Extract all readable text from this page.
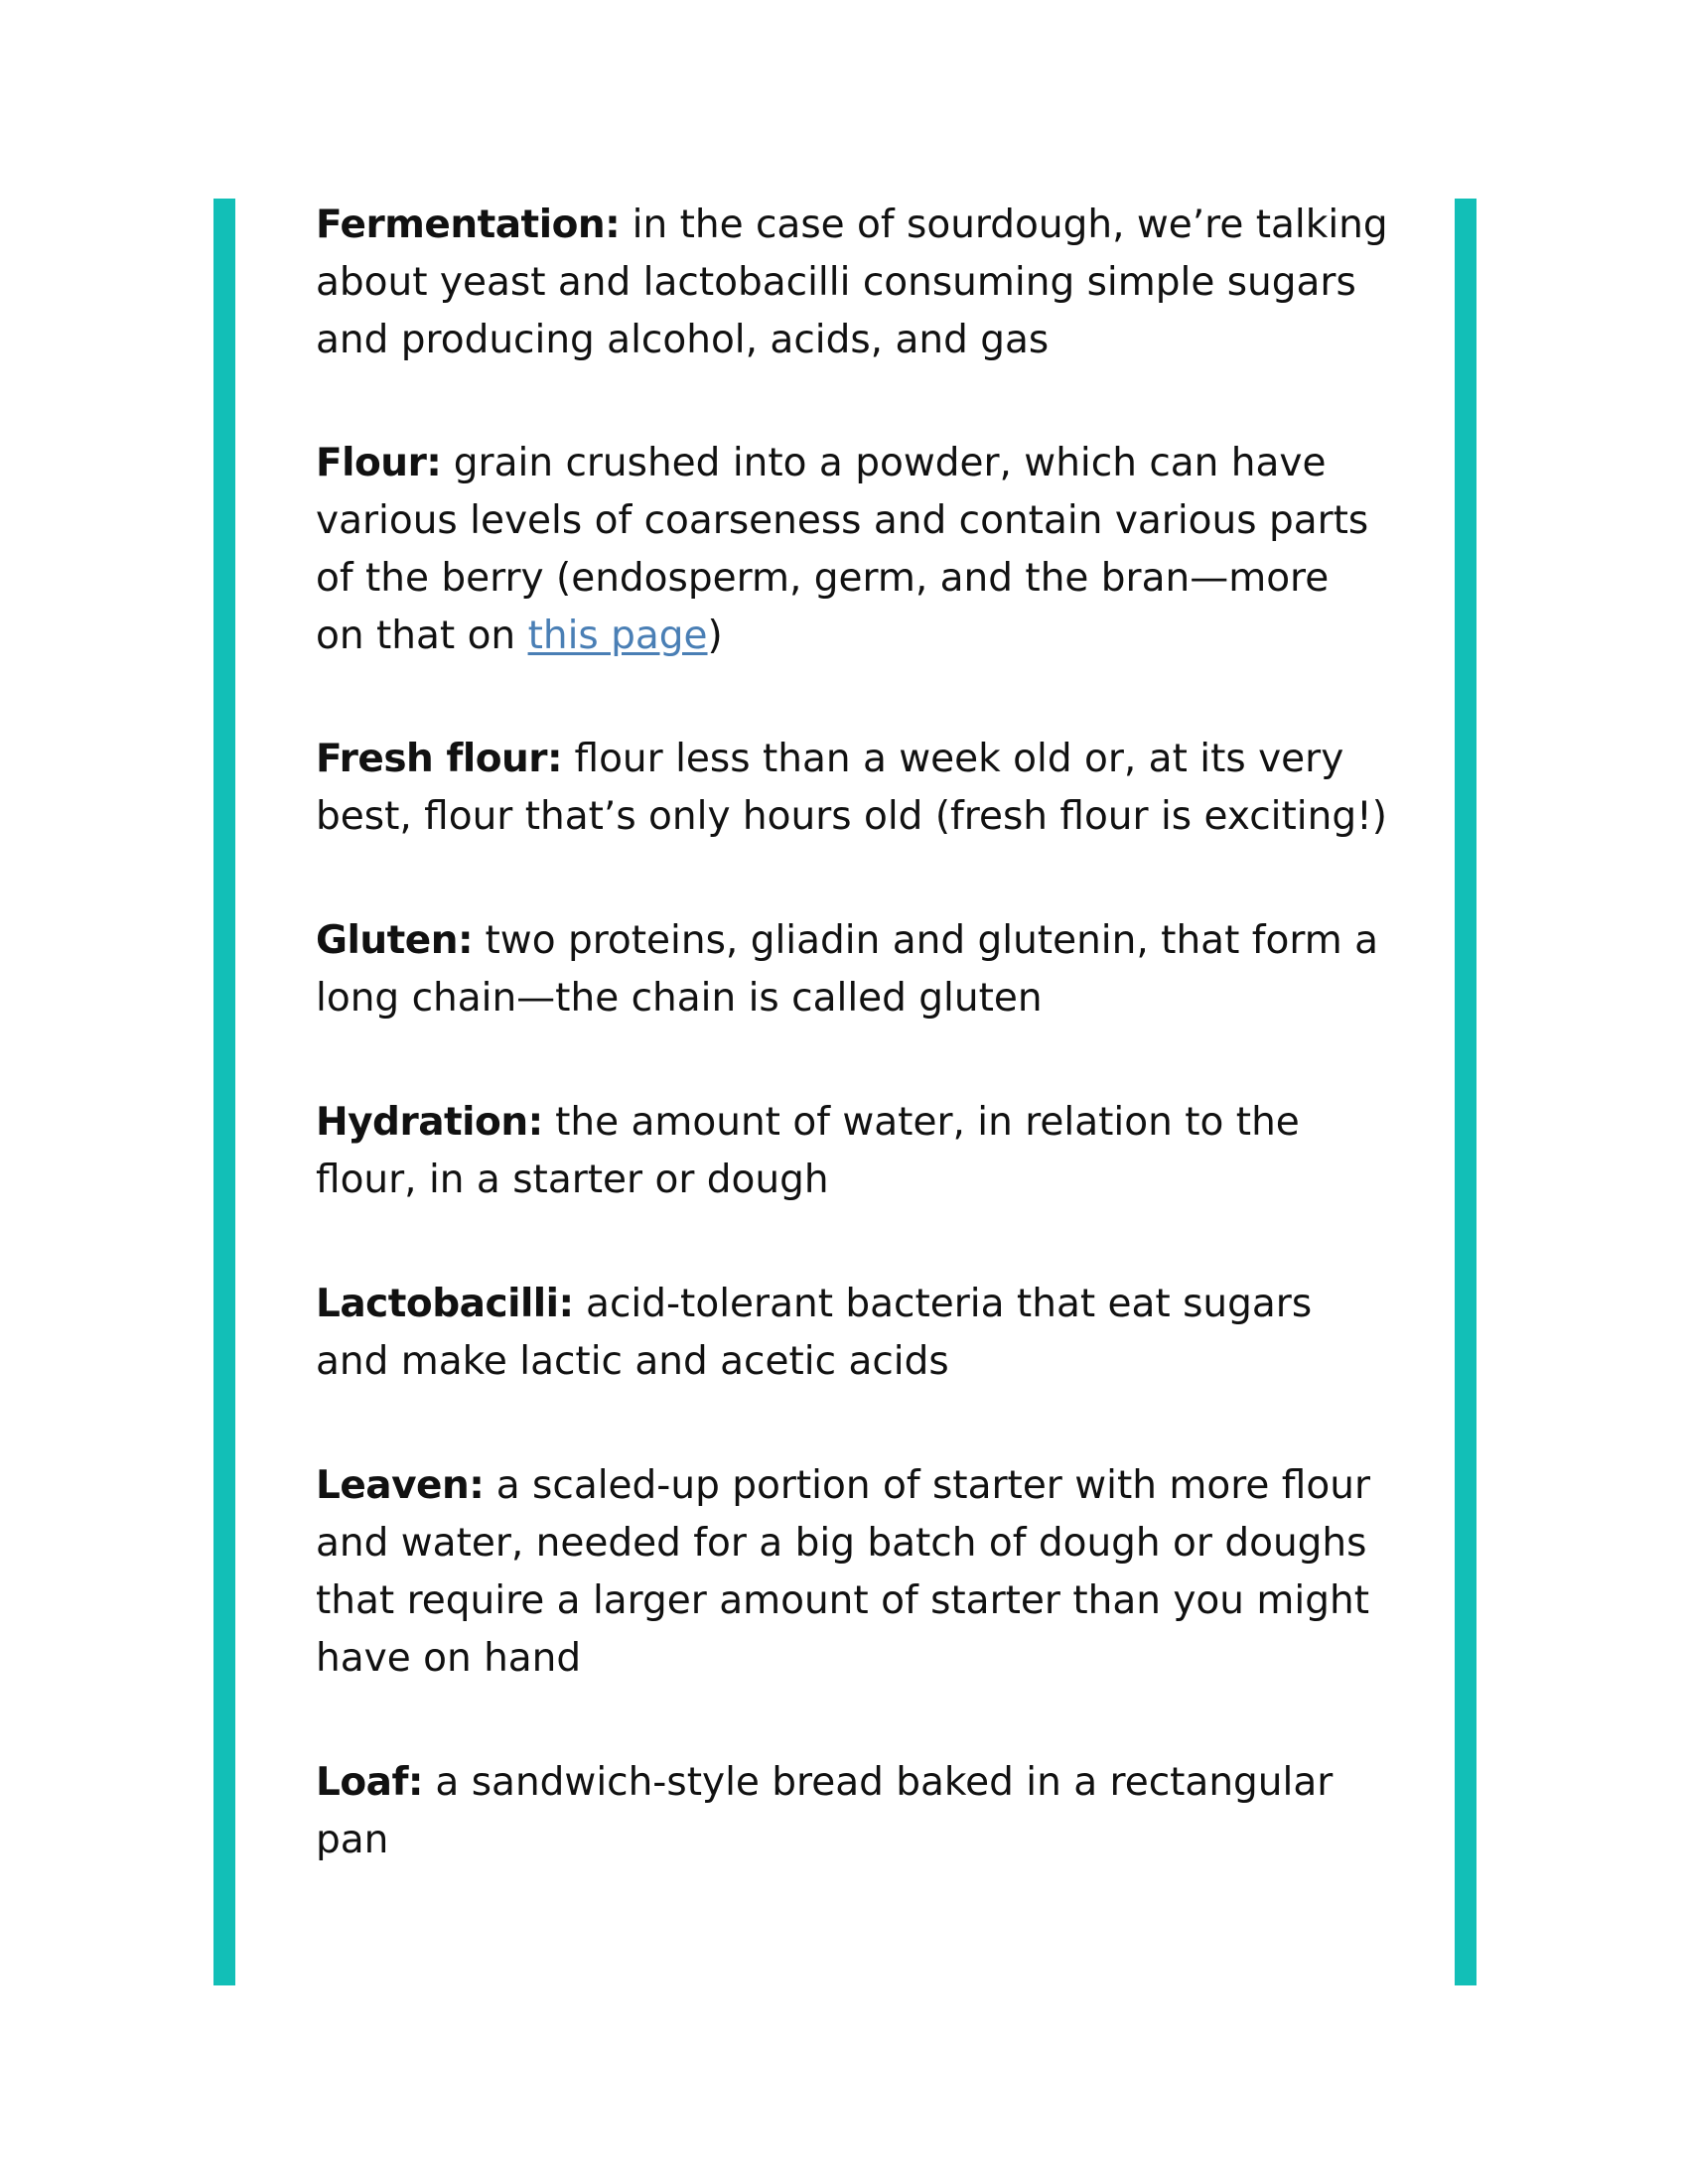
Fermentation: in the case of sourdough, we’re talking about yeast and lactobacilli consuming simple sugars and producing alcohol, acids, and gas

Flour: grain crushed into a powder, which can have various levels of coarseness and contain various parts of the berry (endosperm, germ, and the bran—more on that on this page)

Fresh flour: flour less than a week old or, at its very best, flour that’s only hours old (fresh flour is exciting!)

Gluten: two proteins, gliadin and glutenin, that form a long chain—the chain is called gluten

Hydration: the amount of water, in relation to the flour, in a starter or dough

Lactobacilli: acid-tolerant bacteria that eat sugars and make lactic and acetic acids

Leaven: a scaled-up portion of starter with more flour and water, needed for a big batch of dough or doughs that require a larger amount of starter than you might have on hand

Loaf: a sandwich-style bread baked in a rectangular pan
